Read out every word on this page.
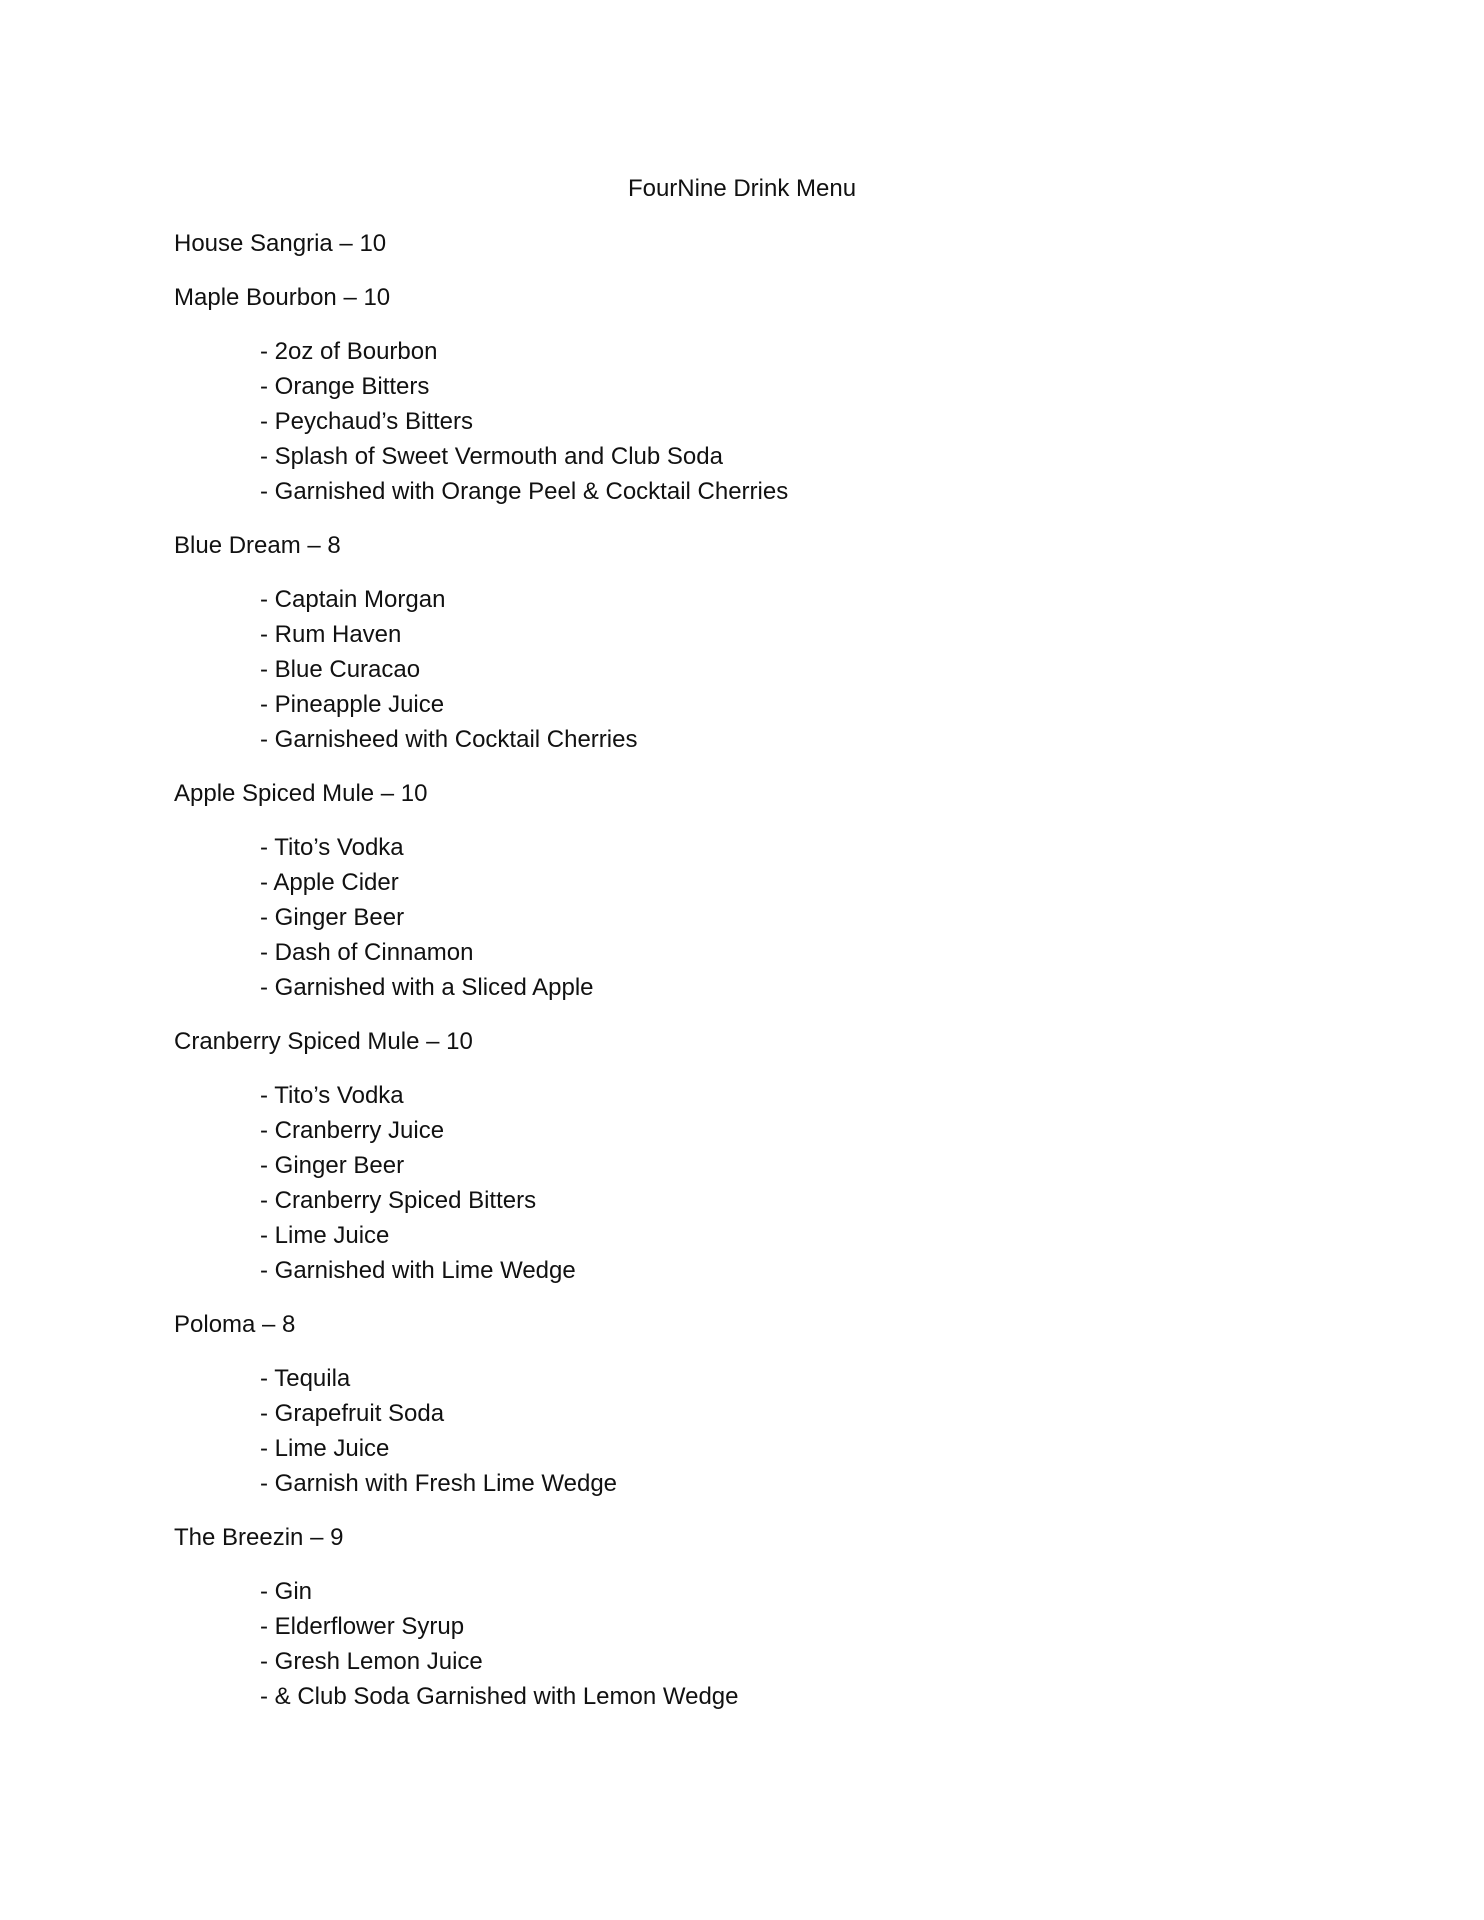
FourNine Drink Menu
House Sangria – 10
Maple Bourbon – 10
- 2oz of Bourbon
- Orange Bitters
- Peychaud’s Bitters
- Splash of Sweet Vermouth and Club Soda
- Garnished with Orange Peel & Cocktail Cherries
Blue Dream – 8
- Captain Morgan
- Rum Haven
- Blue Curacao
- Pineapple Juice
- Garnisheed with Cocktail Cherries
Apple Spiced Mule – 10
- Tito’s Vodka
- Apple Cider
- Ginger Beer
- Dash of Cinnamon
- Garnished with a Sliced Apple
Cranberry Spiced Mule – 10
- Tito’s Vodka
- Cranberry Juice
- Ginger Beer
- Cranberry Spiced Bitters
- Lime Juice
- Garnished with Lime Wedge
Poloma – 8
- Tequila
- Grapefruit Soda
- Lime Juice
- Garnish with Fresh Lime Wedge
The Breezin – 9
- Gin
- Elderflower Syrup
- Gresh Lemon Juice
- & Club Soda Garnished with Lemon Wedge
